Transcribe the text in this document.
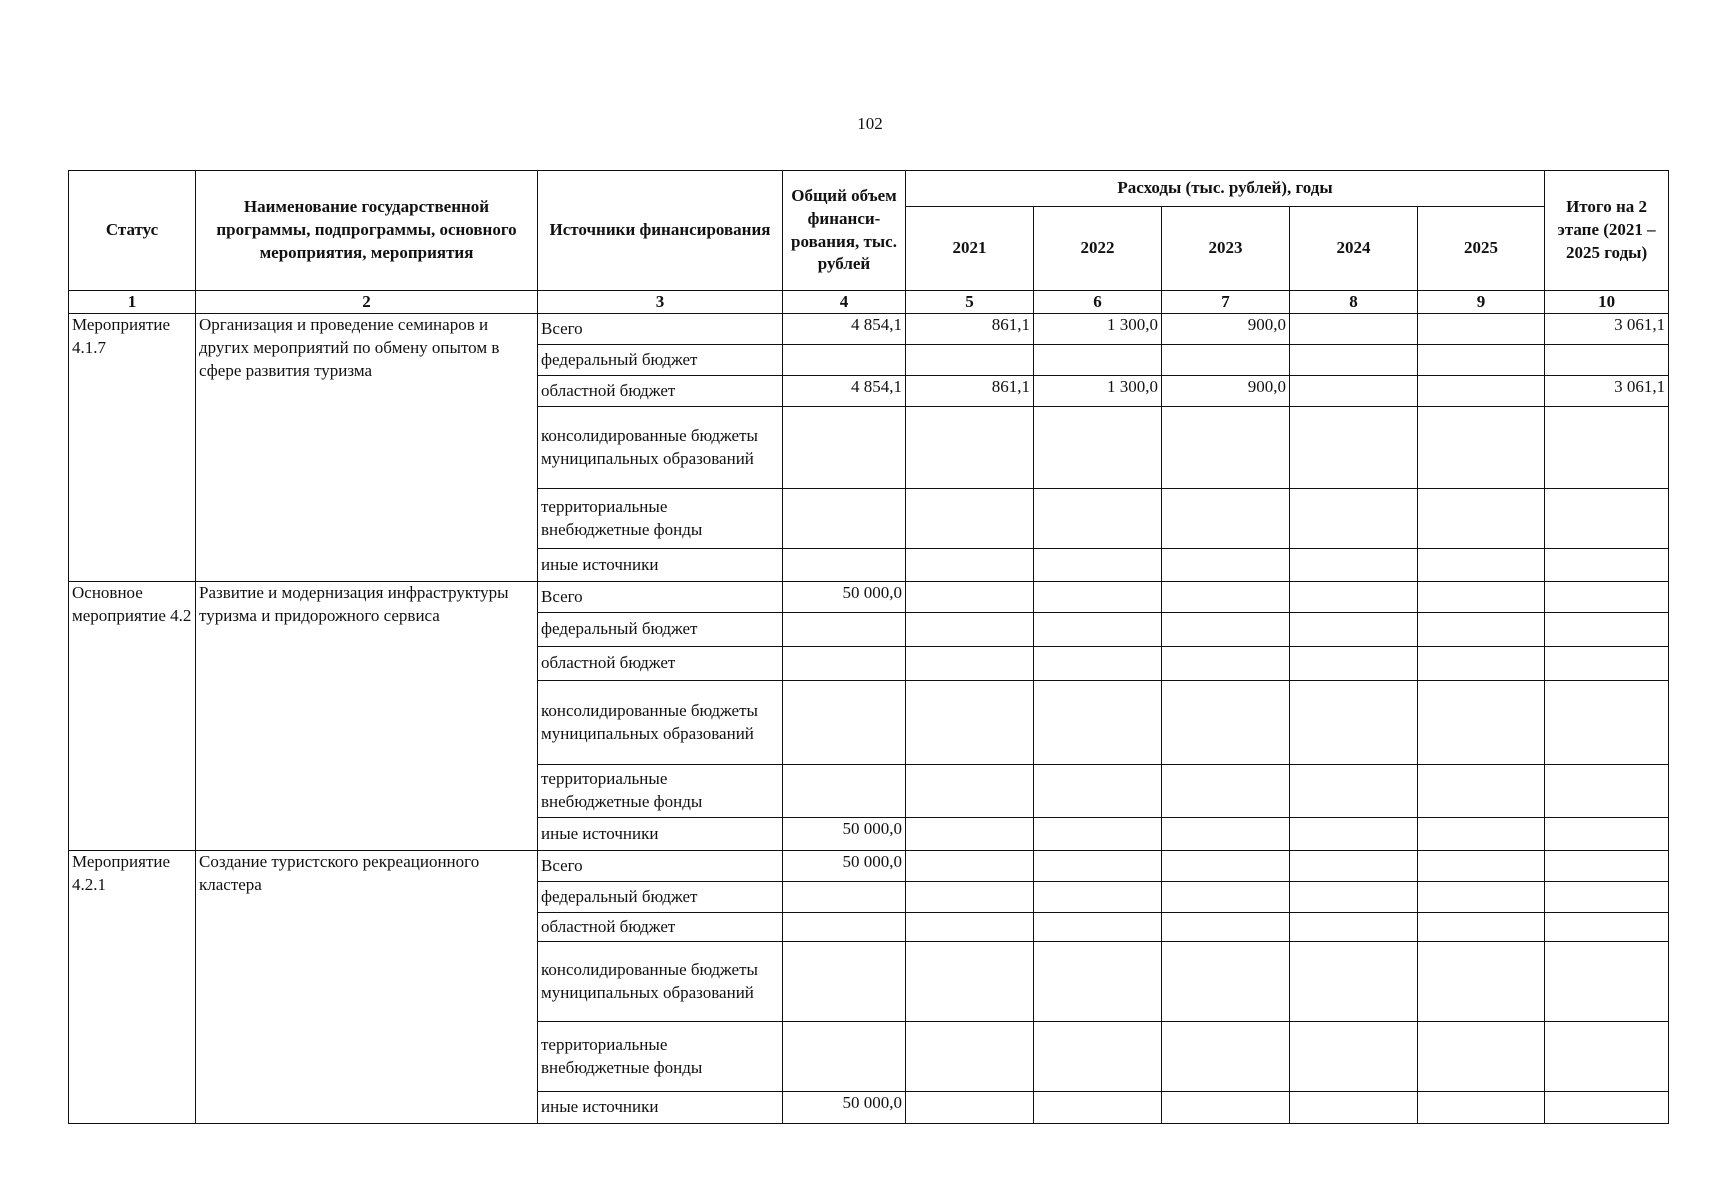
102
Статус	Наименование государственной программы, подпрограммы, основного мероприятия, мероприятия	Источники финансирования	Общий объем финанси-рования, тыс. рублей	Расходы (тыс. рублей), годы					Итого на 2 этапе (2021 – 2025 годы)
				2021	2022	2023	2024	2025	
1	2	3	4	5	6	7	8	9	10
Мероприятие 4.1.7	Организация и проведение семинаров и других мероприятий по обмену опытом в сфере развития туризма	Всего	4 854,1	861,1	1 300,0	900,0			3 061,1
		федеральный бюджет							
		областной бюджет	4 854,1	861,1	1 300,0	900,0			3 061,1
		консолидированные бюджеты муниципальных образований							
		территориальные внебюджетные фонды							
		иные источники							
Основное мероприятие 4.2	Развитие и модернизация инфраструктуры туризма и придорожного сервиса	Всего	50 000,0						
		федеральный бюджет							
		областной бюджет							
		консолидированные бюджеты муниципальных образований							
		территориальные внебюджетные фонды							
		иные источники	50 000,0						
Мероприятие 4.2.1	Создание туристского рекреационного кластера	Всего	50 000,0						
		федеральный бюджет							
		областной бюджет							
		консолидированные бюджеты муниципальных образований							
		территориальные внебюджетные фонды							
		иные источники	50 000,0						
